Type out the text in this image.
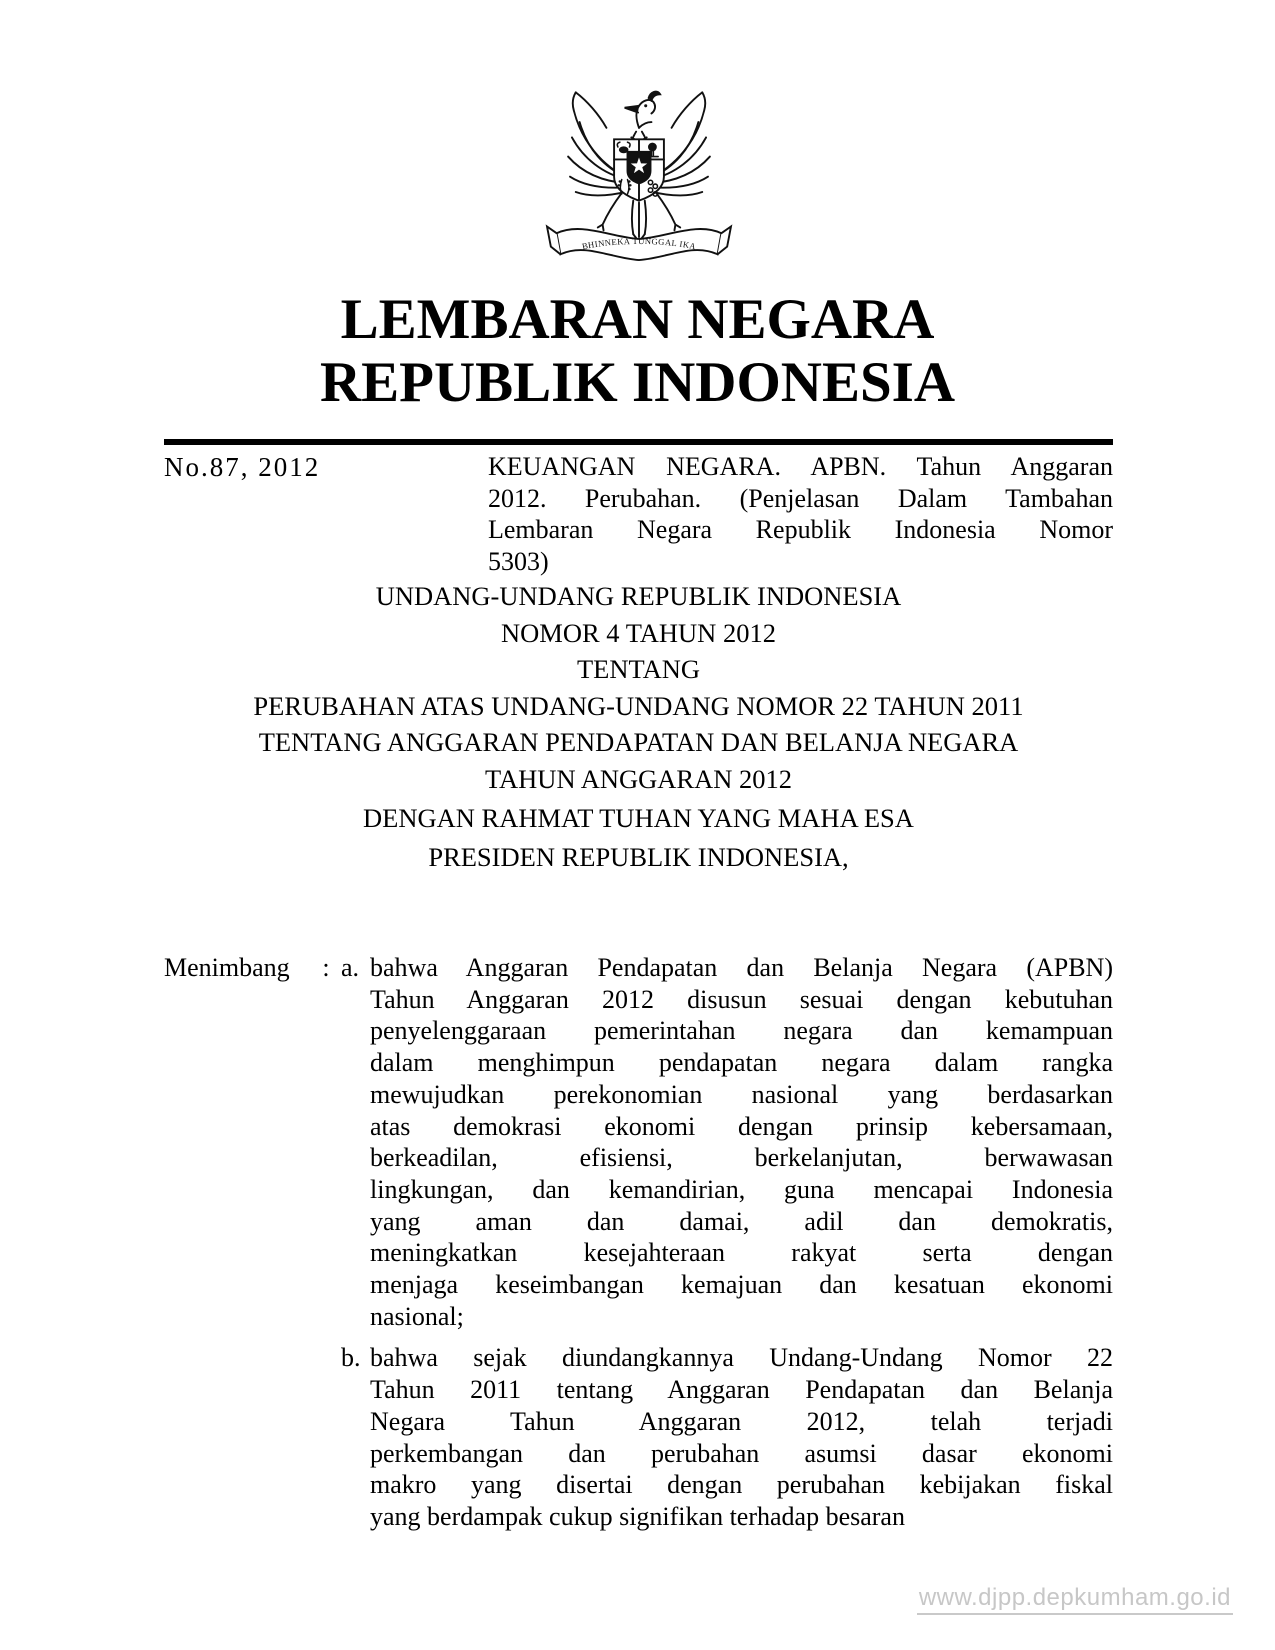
BHINNEKA TUNGGAL IKA
LEMBARAN NEGARA
REPUBLIK INDONESIA
No.87, 2012	KEUANGAN NEGARA. APBN. Tahun Anggaran
2012. Perubahan. (Penjelasan Dalam Tambahan
Lembaran Negara Republik Indonesia Nomor
5303)
UNDANG-UNDANG REPUBLIK INDONESIA
NOMOR 4 TAHUN 2012
TENTANG
PERUBAHAN ATAS UNDANG-UNDANG NOMOR 22 TAHUN 2011
TENTANG ANGGARAN PENDAPATAN DAN BELANJA NEGARA
TAHUN ANGGARAN 2012
DENGAN RAHMAT TUHAN YANG MAHA ESA
PRESIDEN REPUBLIK INDONESIA,
Menimbang	: a. bahwa Anggaran Pendapatan dan Belanja Negara (APBN)
Tahun Anggaran 2012 disusun sesuai dengan kebutuhan
penyelenggaraan pemerintahan negara dan kemampuan
dalam menghimpun pendapatan negara dalam rangka
mewujudkan perekonomian nasional yang berdasarkan
atas demokrasi ekonomi dengan prinsip kebersamaan,
berkeadilan, efisiensi, berkelanjutan, berwawasan
lingkungan, dan kemandirian, guna mencapai Indonesia
yang aman dan damai, adil dan demokratis,
meningkatkan kesejahteraan rakyat serta dengan
menjaga keseimbangan kemajuan dan kesatuan ekonomi
nasional;
b. bahwa sejak diundangkannya Undang-Undang Nomor 22
Tahun 2011 tentang Anggaran Pendapatan dan Belanja
Negara Tahun Anggaran 2012, telah terjadi
perkembangan dan perubahan asumsi dasar ekonomi
makro yang disertai dengan perubahan kebijakan fiskal
yang berdampak cukup signifikan terhadap besaran
www.djpp.depkumham.go.id
